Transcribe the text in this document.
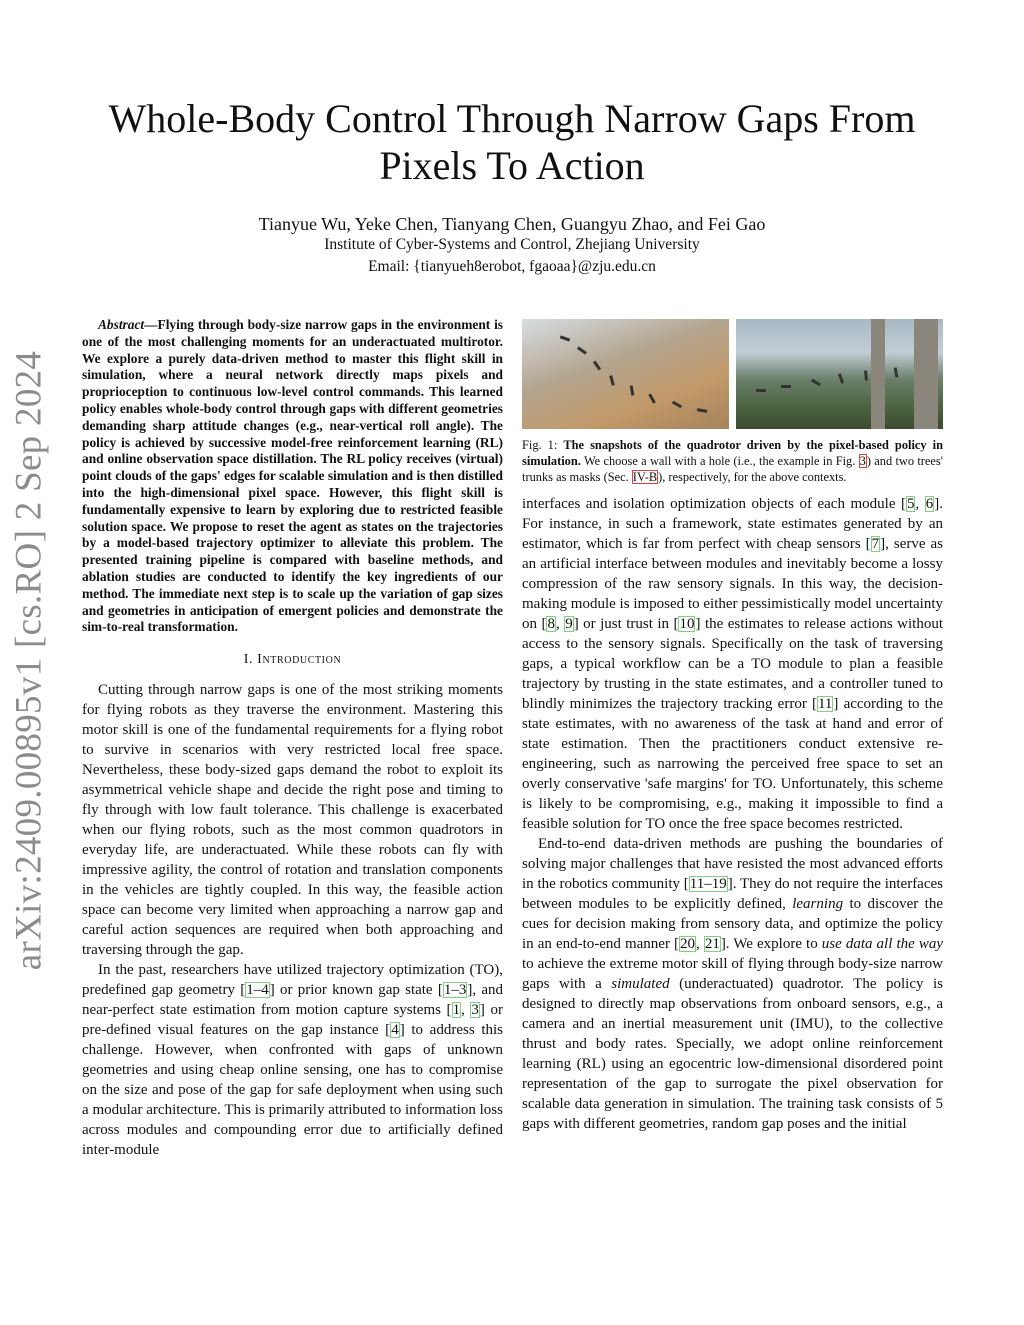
arXiv:2409.00895v1 [cs.RO] 2 Sep 2024
Whole-Body Control Through Narrow Gaps From Pixels To Action
Tianyue Wu, Yeke Chen, Tianyang Chen, Guangyu Zhao, and Fei Gao
Institute of Cyber-Systems and Control, Zhejiang University
Email: {tianyueh8erobot, fgaoaa}@zju.edu.cn

Abstract—Flying through body-size narrow gaps in the environment is one of the most challenging moments for an underactuated multirotor. We explore a purely data-driven method to master this flight skill in simulation, where a neural network directly maps pixels and proprioception to continuous low-level control commands. This learned policy enables whole-body control through gaps with different geometries demanding sharp attitude changes (e.g., near-vertical roll angle). The policy is achieved by successive model-free reinforcement learning (RL) and online observation space distillation. The RL policy receives (virtual) point clouds of the gaps' edges for scalable simulation and is then distilled into the high-dimensional pixel space. However, this flight skill is fundamentally expensive to learn by exploring due to restricted feasible solution space. We propose to reset the agent as states on the trajectories by a model-based trajectory optimizer to alleviate this problem. The presented training pipeline is compared with baseline methods, and ablation studies are conducted to identify the key ingredients of our method. The immediate next step is to scale up the variation of gap sizes and geometries in anticipation of emergent policies and demonstrate the sim-to-real transformation.

I. Introduction

Cutting through narrow gaps is one of the most striking moments for flying robots as they traverse the environment. Mastering this motor skill is one of the fundamental requirements for a flying robot to survive in scenarios with very restricted local free space. Nevertheless, these body-sized gaps demand the robot to exploit its asymmetrical vehicle shape and decide the right pose and timing to fly through with low fault tolerance. This challenge is exacerbated when our flying robots, such as the most common quadrotors in everyday life, are underactuated. While these robots can fly with impressive agility, the control of rotation and translation components in the vehicles are tightly coupled. In this way, the feasible action space can become very limited when approaching a narrow gap and careful action sequences are required when both approaching and traversing through the gap.

In the past, researchers have utilized trajectory optimization (TO), predefined gap geometry [1–4] or prior known gap state [1–3], and near-perfect state estimation from motion capture systems [1, 3] or pre-defined visual features on the gap instance [4] to address this challenge. However, when confronted with gaps of unknown geometries and using cheap online sensing, one has to compromise on the size and pose of the gap for safe deployment when using such a modular architecture. This is primarily attributed to information loss across modules and compounding error due to artificially defined inter-module

Fig. 1: The snapshots of the quadrotor driven by the pixel-based policy in simulation. We choose a wall with a hole (i.e., the example in Fig. 3) and two trees' trunks as masks (Sec. IV-B), respectively, for the above contexts.

interfaces and isolation optimization objects of each module [5, 6]. For instance, in such a framework, state estimates generated by an estimator, which is far from perfect with cheap sensors [7], serve as an artificial interface between modules and inevitably become a lossy compression of the raw sensory signals. In this way, the decision-making module is imposed to either pessimistically model uncertainty on [8, 9] or just trust in [10] the estimates to release actions without access to the sensory signals. Specifically on the task of traversing gaps, a typical workflow can be a TO module to plan a feasible trajectory by trusting in the state estimates, and a controller tuned to blindly minimizes the trajectory tracking error [11] according to the state estimates, with no awareness of the task at hand and error of state estimation. Then the practitioners conduct extensive re-engineering, such as narrowing the perceived free space to set an overly conservative 'safe margins' for TO. Unfortunately, this scheme is likely to be compromising, e.g., making it impossible to find a feasible solution for TO once the free space becomes restricted.

End-to-end data-driven methods are pushing the boundaries of solving major challenges that have resisted the most advanced efforts in the robotics community [11–19]. They do not require the interfaces between modules to be explicitly defined, learning to discover the cues for decision making from sensory data, and optimize the policy in an end-to-end manner [20, 21]. We explore to use data all the way to achieve the extreme motor skill of flying through body-size narrow gaps with a simulated (underactuated) quadrotor. The policy is designed to directly map observations from onboard sensors, e.g., a camera and an inertial measurement unit (IMU), to the collective thrust and body rates. Specially, we adopt online reinforcement learning (RL) using an egocentric low-dimensional disordered point representation of the gap to surrogate the pixel observation for scalable data generation in simulation. The training task consists of 5 gaps with different geometries, random gap poses and the initial
